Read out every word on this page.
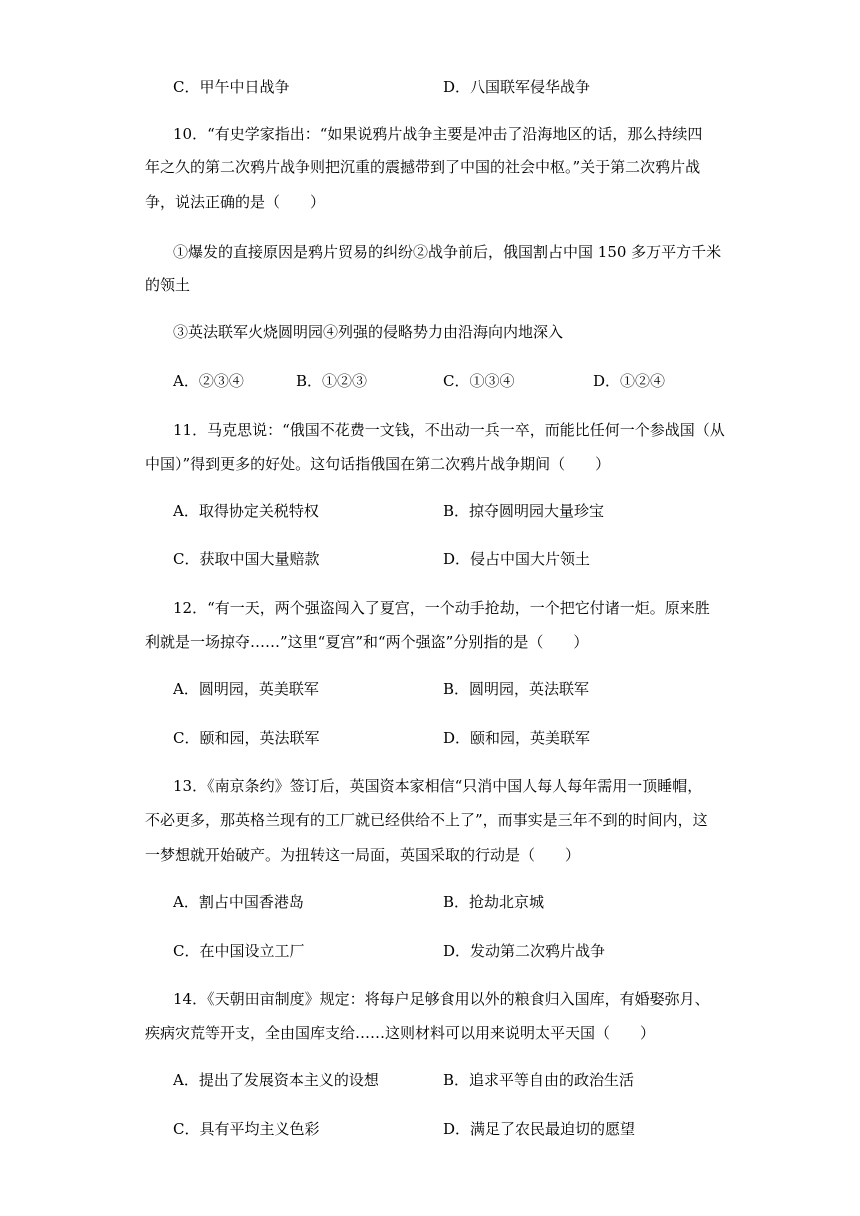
C．甲午中日战争	D．八国联军侵华战争
10．“有史学家指出：“如果说鸦片战争主要是冲击了沿海地区的话，那么持续四
年之久的第二次鸦片战争则把沉重的震撼带到了中国的社会中枢。”关于第二次鸦片战
争，说法正确的是（　　）
①爆发的直接原因是鸦片贸易的纠纷②战争前后，俄国割占中国 150 多万平方千米
的领土
③英法联军火烧圆明园④列强的侵略势力由沿海向内地深入
A．②③④	B．①②③	C．①③④	D．①②④
11．马克思说：“俄国不花费一文钱，不出动一兵一卒，而能比任何一个参战国（从
中国）”得到更多的好处。这句话指俄国在第二次鸦片战争期间（　　）
A．取得协定关税特权	B．掠夺圆明园大量珍宝
C．获取中国大量赔款	D．侵占中国大片领土
12．“有一天，两个强盗闯入了夏宫，一个动手抢劫，一个把它付诸一炬。原来胜
利就是一场掠夺……”这里“夏宫”和“两个强盗”分别指的是（　　）
A．圆明园，英美联军	B．圆明园，英法联军
C．颐和园，英法联军	D．颐和园，英美联军
13．《南京条约》签订后，英国资本家相信“只消中国人每人每年需用一顶睡帽，
不必更多，那英格兰现有的工厂就已经供给不上了”，而事实是三年不到的时间内，这
一梦想就开始破产。为扭转这一局面，英国采取的行动是（　　）
A．割占中国香港岛	B．抢劫北京城
C．在中国设立工厂	D．发动第二次鸦片战争
14．《天朝田亩制度》规定：将每户足够食用以外的粮食归入国库，有婚娶弥月、
疾病灾荒等开支，全由国库支给……这则材料可以用来说明太平天国（　　）
A．提出了发展资本主义的设想	B．追求平等自由的政治生活
C．具有平均主义色彩	D．满足了农民最迫切的愿望
